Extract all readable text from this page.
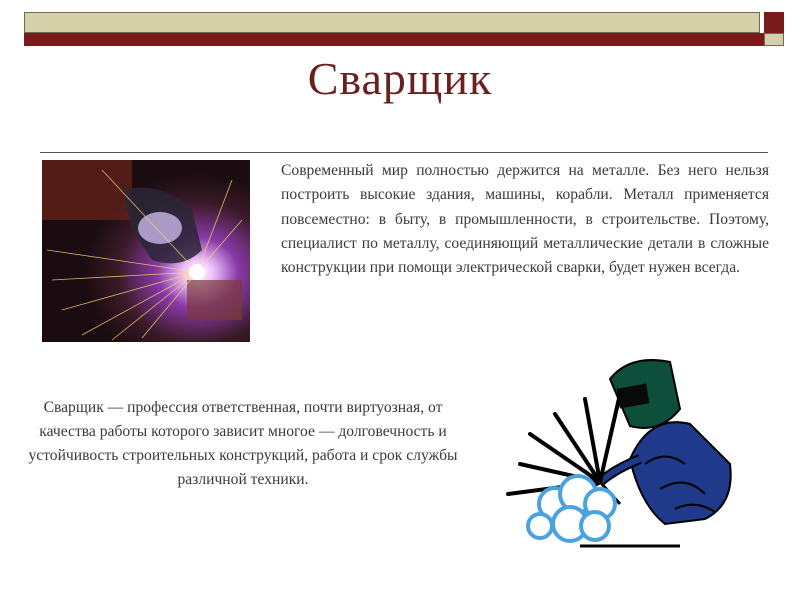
Сварщик
Современный мир полностью держится на металле. Без него нельзя построить высокие здания, машины, корабли. Металл применяется повсеместно: в быту, в промышленности, в строительстве. Поэтому, специалист по металлу, соединяющий металлические детали в сложные конструкции при помощи электрической сварки, будет нужен всегда.
Сварщик — профессия ответственная, почти виртуозная, от качества работы которого зависит многое — долговечность и устойчивость строительных конструкций, работа и срок службы различной техники.
